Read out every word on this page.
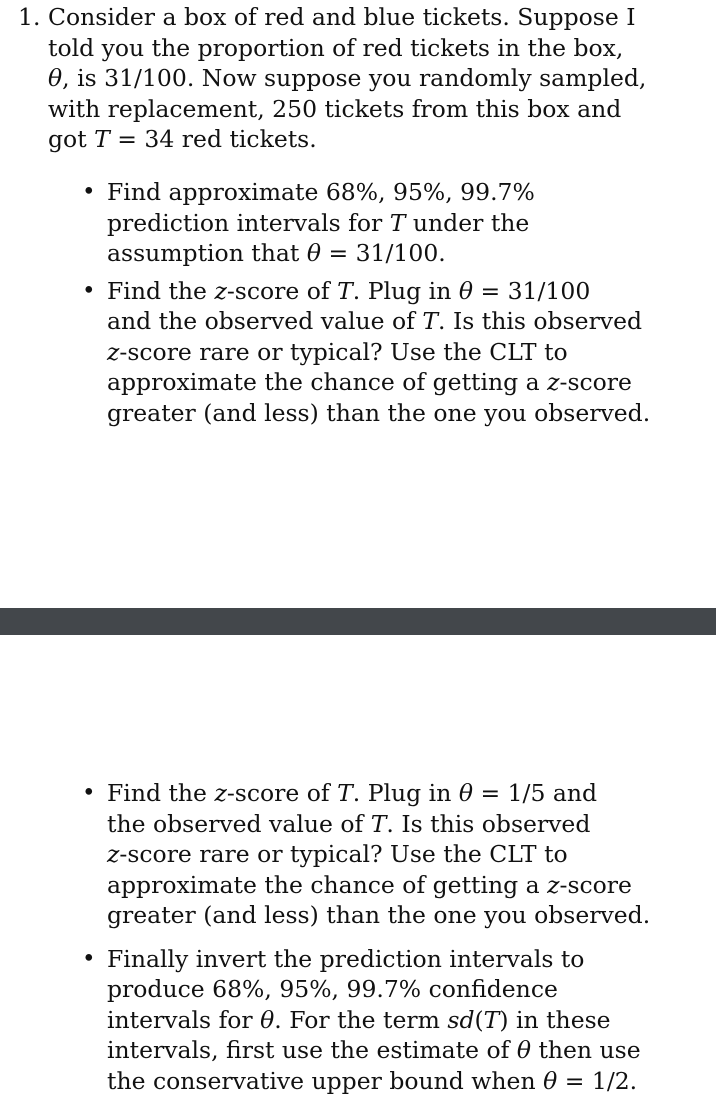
1. Consider a box of red and blue tickets. Suppose I
told you the proportion of red tickets in the box,
θ, is 31/100. Now suppose you randomly sampled,
with replacement, 250 tickets from this box and
got T = 34 red tickets.
• Find approximate 68%, 95%, 99.7%
prediction intervals for T under the
assumption that θ = 31/100.
• Find the z-score of T. Plug in θ = 31/100
and the observed value of T. Is this observed
z-score rare or typical? Use the CLT to
approximate the chance of getting a z-score
greater (and less) than the one you observed.
• Find the z-score of T. Plug in θ = 1/5 and
the observed value of T. Is this observed
z-score rare or typical? Use the CLT to
approximate the chance of getting a z-score
greater (and less) than the one you observed.
• Finally invert the prediction intervals to
produce 68%, 95%, 99.7% confidence
intervals for θ. For the term sd(T) in these
intervals, first use the estimate of θ then use
the conservative upper bound when θ = 1/2.
